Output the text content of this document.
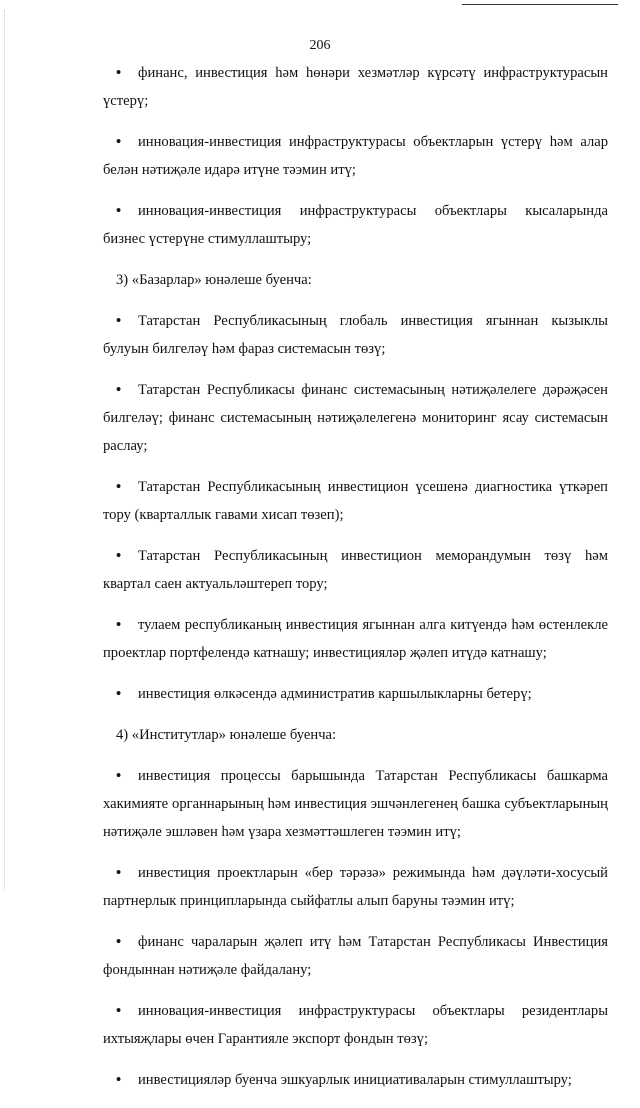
206

• финанс, инвестиция һәм һөнәри хезмәтләр күрсәтү инфраструктурасын үстерү;

• инновация-инвестиция инфраструктурасы объектларын үстерү һәм алар белән нәтиҗәле идарә итүне тәэмин итү;

• инновация-инвестиция инфраструктурасы объектлары кысаларында бизнес үстерүне стимуллаштыру;

3) «Базарлар» юнәлеше буенча:

• Татарстан Республикасының глобаль инвестиция ягыннан кызыклы булуын билгеләү һәм фараз системасын төзү;

• Татарстан Республикасы финанс системасының нәтиҗәлелеге дәрәҗәсен билгеләү; финанс системасының нәтиҗәлелегенә мониторинг ясау системасын раслау;

• Татарстан Республикасының инвестицион үсешенә диагностика үткәреп тору (кварталлык гавами хисап төзеп);

• Татарстан Республикасының инвестицион меморандумын төзү һәм квартал саен актуальләштереп тору;

• тулаем республиканың инвестиция ягыннан алга китүендә һәм өстенлекле проектлар портфелендә катнашу; инвестицияләр җәлеп итүдә катнашу;

• инвестиция өлкәсендә административ каршылыкларны бетерү;

4) «Институтлар» юнәлеше буенча:

• инвестиция процессы барышында Татарстан Республикасы башкарма хакимияте органнарының һәм инвестиция эшчәнлегенең башка субъектларының нәтиҗәле эшләвен һәм үзара хезмәттәшлеген тәэмин итү;

• инвестиция проектларын «бер тәрәзә» режимында һәм дәүләти-хосусый партнерлык принципларында сыйфатлы алып баруны тәэмин итү;

• финанс чараларын җәлеп итү һәм Татарстан Республикасы Инвестиция фондыннан нәтиҗәле файдалану;

• инновация-инвестиция инфраструктурасы объектлары резидентлары ихтыяҗлары өчен Гарантияле экспорт фондын төзү;

• инвестицияләр буенча эшкуарлык инициативаларын стимуллаштыру;
